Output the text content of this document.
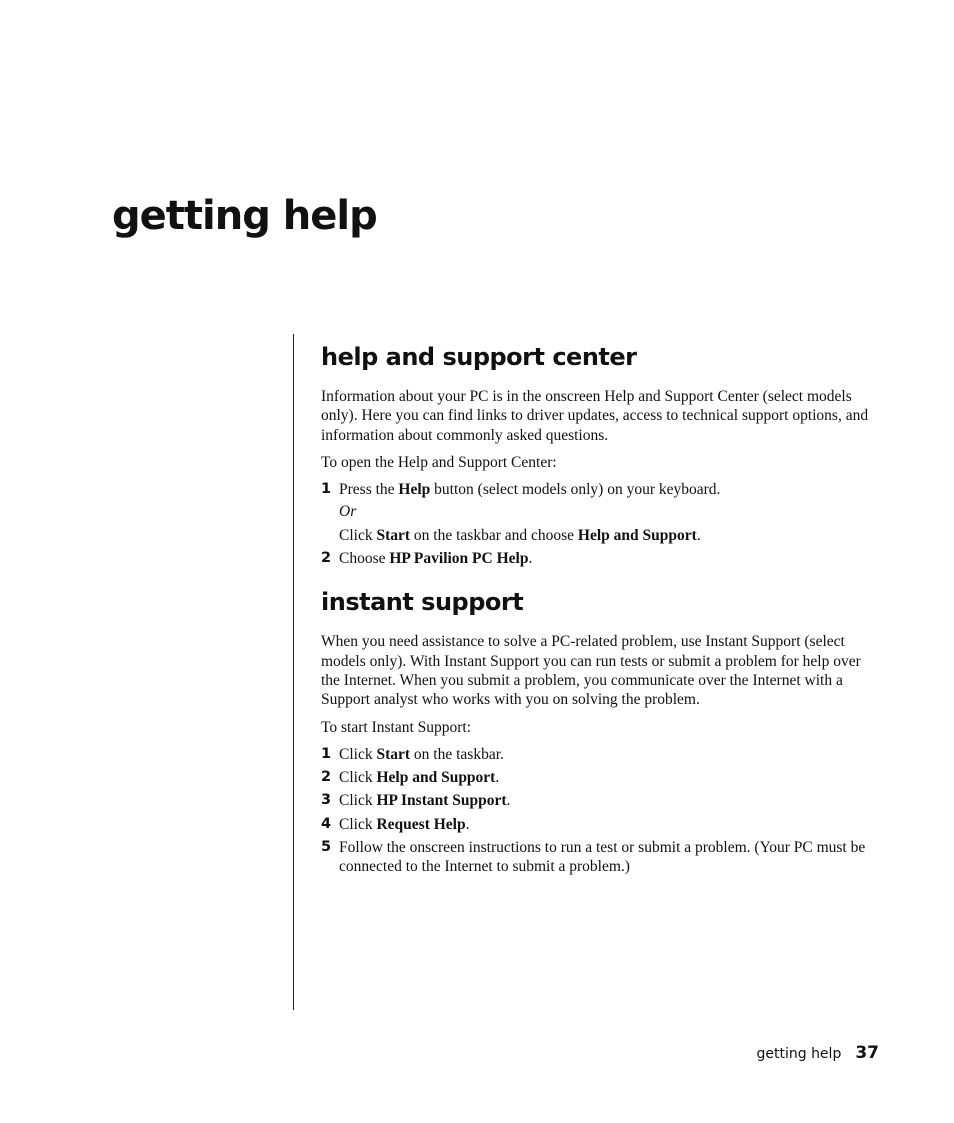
getting help
help and support center

Information about your PC is in the onscreen Help and Support Center (select models only). Here you can find links to driver updates, access to technical support options, and information about commonly asked questions.

To open the Help and Support Center:

1 Press the Help button (select models only) on your keyboard.
Or
Click Start on the taskbar and choose Help and Support.
2 Choose HP Pavilion PC Help.
instant support

When you need assistance to solve a PC-related problem, use Instant Support (select models only). With Instant Support you can run tests or submit a problem for help over the Internet. When you submit a problem, you communicate over the Internet with a Support analyst who works with you on solving the problem.

To start Instant Support:

1 Click Start on the taskbar.
2 Click Help and Support.
3 Click HP Instant Support.
4 Click Request Help.
5 Follow the onscreen instructions to run a test or submit a problem. (Your PC must be connected to the Internet to submit a problem.)
getting help 37
